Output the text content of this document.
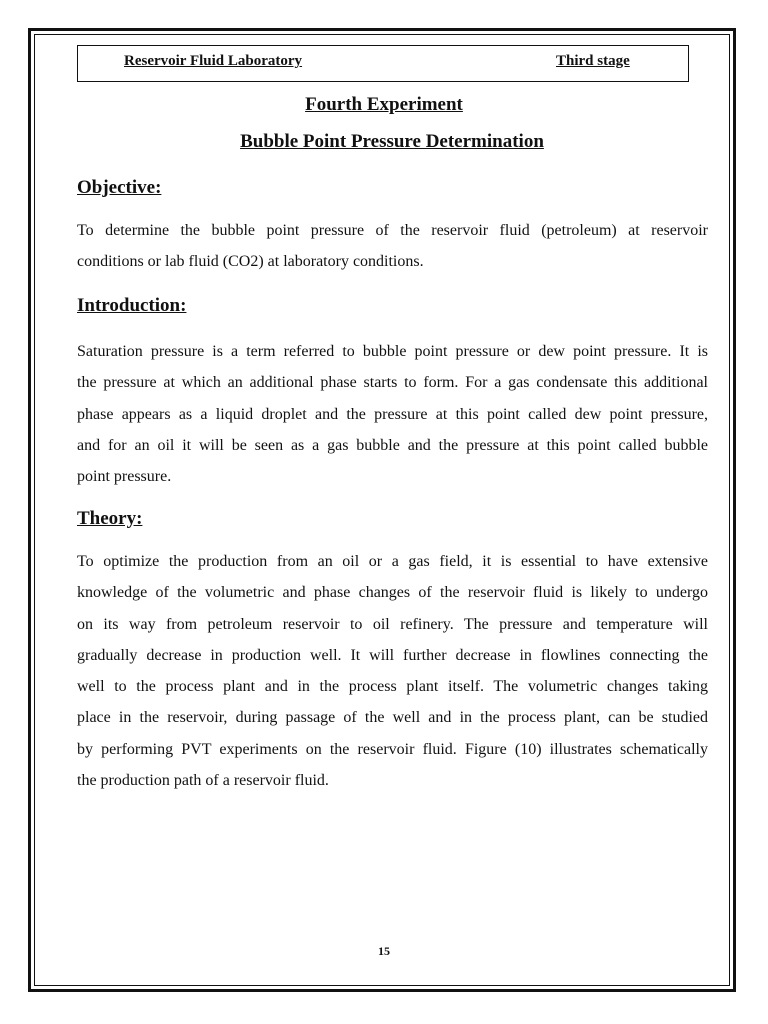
Reservoir Fluid Laboratory	Third stage
Fourth Experiment
Bubble Point Pressure Determination
Objective:
To determine the bubble point pressure of the reservoir fluid (petroleum) at reservoir
conditions or lab fluid (CO2) at laboratory conditions.
Introduction:
Saturation pressure is a term referred to bubble point pressure or dew point pressure. It is
the pressure at which an additional phase starts to form. For a gas condensate this additional
phase appears as a liquid droplet and the pressure at this point called dew point pressure,
and for an oil it will be seen as a gas bubble and the pressure at this point called bubble
point pressure.
Theory:
To optimize the production from an oil or a gas field, it is essential to have extensive
knowledge of the volumetric and phase changes of the reservoir fluid is likely to undergo
on its way from petroleum reservoir to oil refinery. The pressure and temperature will
gradually decrease in production well. It will further decrease in flowlines connecting the
well to the process plant and in the process plant itself. The volumetric changes taking
place in the reservoir, during passage of the well and in the process plant, can be studied
by performing PVT experiments on the reservoir fluid. Figure (10) illustrates schematically
the production path of a reservoir fluid.
15
